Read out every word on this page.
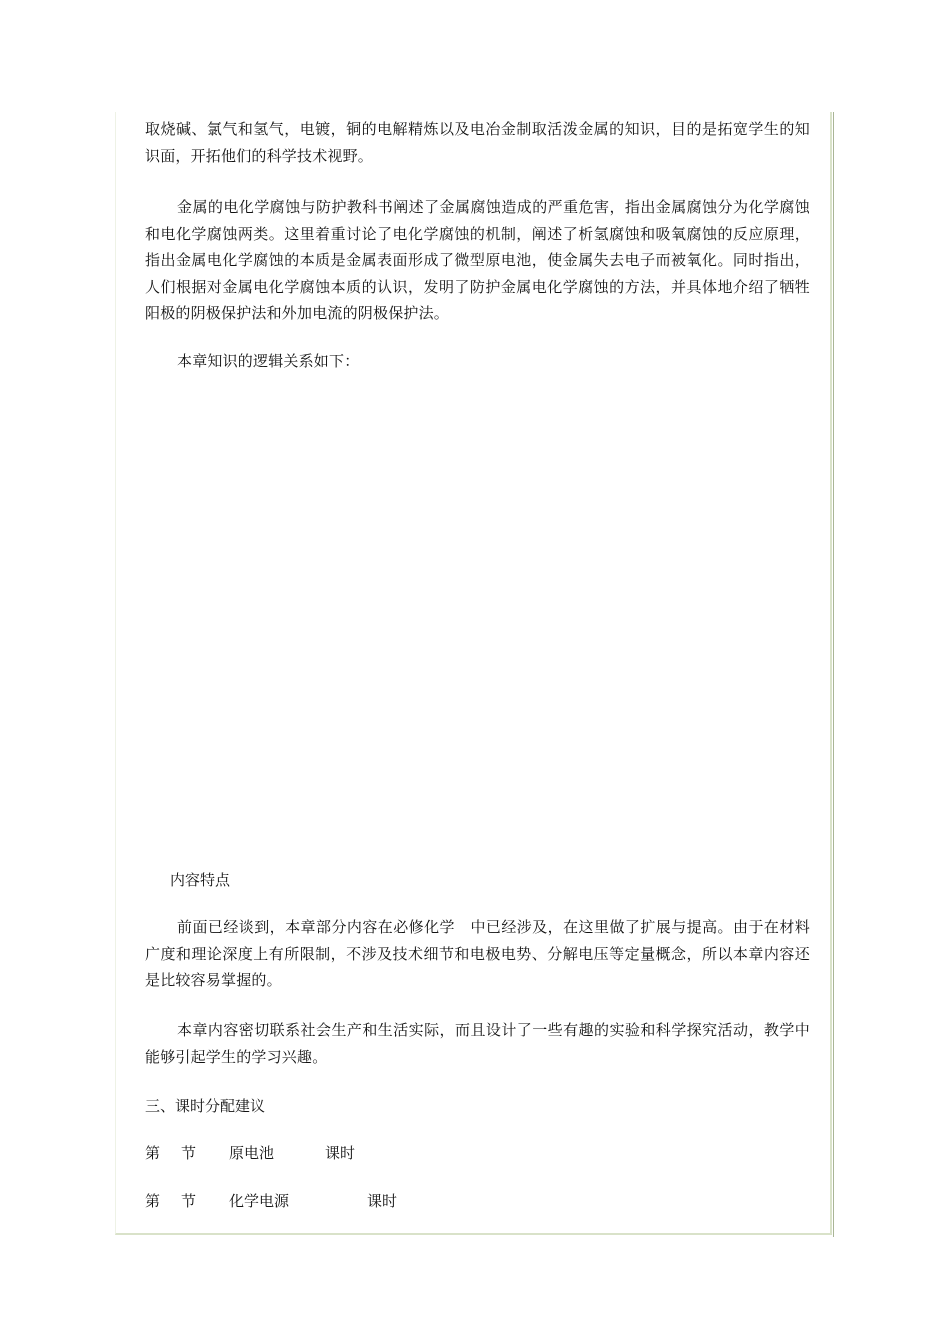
取烧碱、氯气和氢气，电镀，铜的电解精炼以及电冶金制取活泼金属的知识，目的是拓宽学生的知识面，开拓他们的科学技术视野。

金属的电化学腐蚀与防护教科书阐述了金属腐蚀造成的严重危害，指出金属腐蚀分为化学腐蚀和电化学腐蚀两类。这里着重讨论了电化学腐蚀的机制，阐述了析氢腐蚀和吸氧腐蚀的反应原理，指出金属电化学腐蚀的本质是金属表面形成了微型原电池，使金属失去电子而被氧化。同时指出，人们根据对金属电化学腐蚀本质的认识，发明了防护金属电化学腐蚀的方法，并具体地介绍了牺牲阳极的阴极保护法和外加电流的阴极保护法。

本章知识的逻辑关系如下：

内容特点

前面已经谈到，本章部分内容在必修化学　中已经涉及，在这里做了扩展与提高。由于在材料广度和理论深度上有所限制，不涉及技术细节和电极电势、分解电压等定量概念，所以本章内容还是比较容易掌握的。

本章内容密切联系社会生产和生活实际，而且设计了一些有趣的实验和科学探究活动，教学中能够引起学生的学习兴趣。

三、课时分配建议

第 节 原电池	课时
第 节 化学电源	课时
